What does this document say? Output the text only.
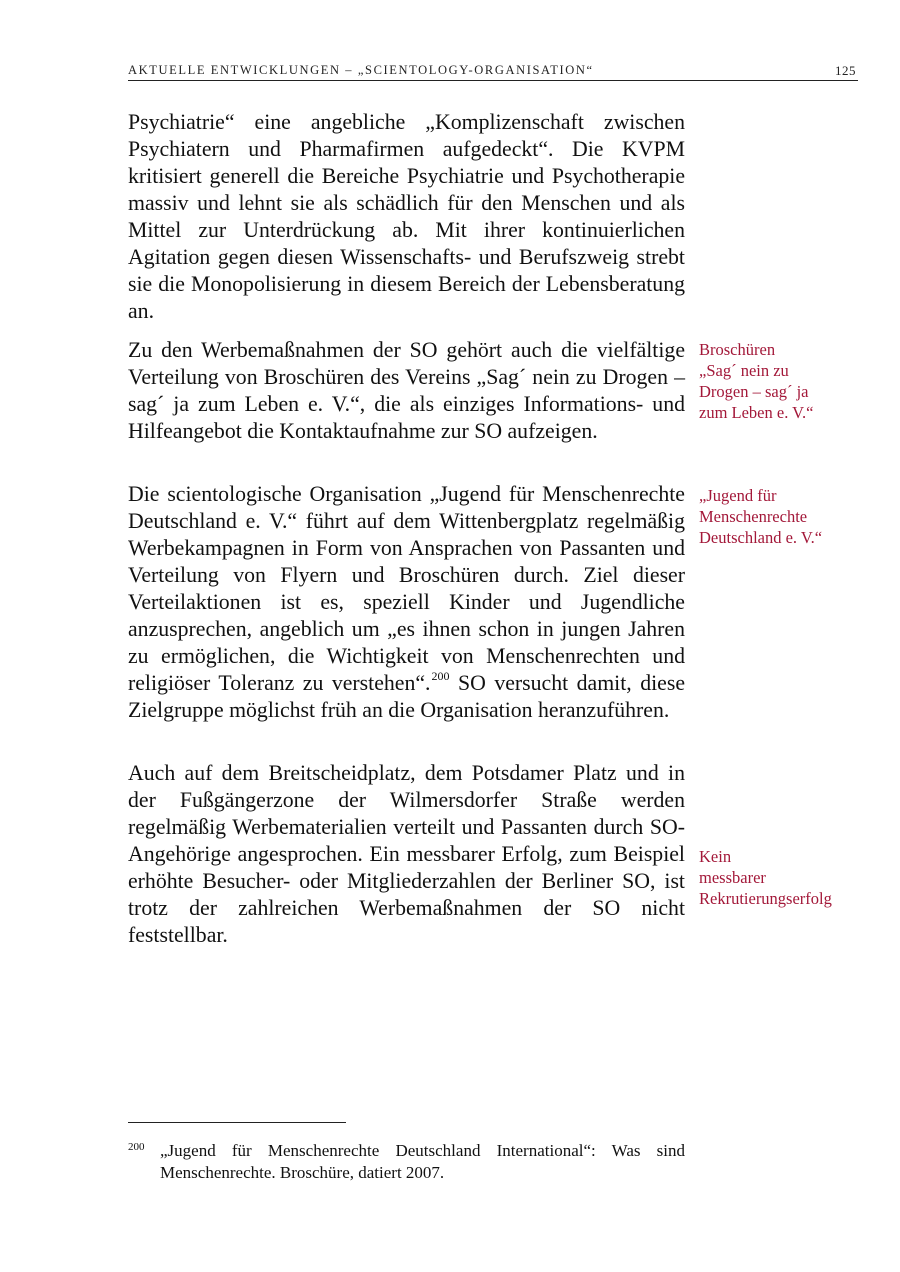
AKTUELLE ENTWICKLUNGEN – „SCIENTOLOGY-ORGANISATION“	125

Psychiatrie“ eine angebliche „Komplizenschaft zwischen Psychiatern und Pharmafirmen aufgedeckt“. Die KVPM kritisiert generell die Bereiche Psychiatrie und Psychotherapie massiv und lehnt sie als schädlich für den Menschen und als Mittel zur Unterdrückung ab. Mit ihrer kontinuierlichen Agitation gegen diesen Wissenschafts- und Berufszweig strebt sie die Monopolisierung in diesem Bereich der Lebensberatung an.

Zu den Werbemaßnahmen der SO gehört auch die vielfältige Verteilung von Broschüren des Vereins „Sag´ nein zu Drogen – sag´ ja zum Leben e. V.“, die als einziges Informations- und Hilfeangebot die Kontaktaufnahme zur SO aufzeigen.

Die scientologische Organisation „Jugend für Menschenrechte Deutschland e. V.“ führt auf dem Wittenbergplatz regelmäßig Werbekampagnen in Form von Ansprachen von Passanten und Verteilung von Flyern und Broschüren durch. Ziel dieser Verteilaktionen ist es, speziell Kinder und Jugendliche anzusprechen, angeblich um „es ihnen schon in jungen Jahren zu ermöglichen, die Wichtigkeit von Menschenrechten und religiöser Toleranz zu verstehen“.$^{200}$ SO versucht damit, diese Zielgruppe möglichst früh an die Organisation heranzuführen.

Auch auf dem Breitscheidplatz, dem Potsdamer Platz und in der Fußgängerzone der Wilmersdorfer Straße werden regelmäßig Werbematerialien verteilt und Passanten durch SO-Angehörige angesprochen. Ein messbarer Erfolg, zum Beispiel erhöhte Besucher- oder Mitgliederzahlen der Berliner SO, ist trotz der zahlreichen Werbemaßnahmen der SO nicht feststellbar.

Broschüren
„Sag´ nein zu
Drogen – sag´ ja
zum Leben e. V.“
„Jugend für
Menschenrechte
Deutschland e. V.“
Kein
messbarer
Rekrutierungserfolg
200 „Jugend für Menschenrechte Deutschland International“: Was sind Menschenrechte. Broschüre, datiert 2007.
